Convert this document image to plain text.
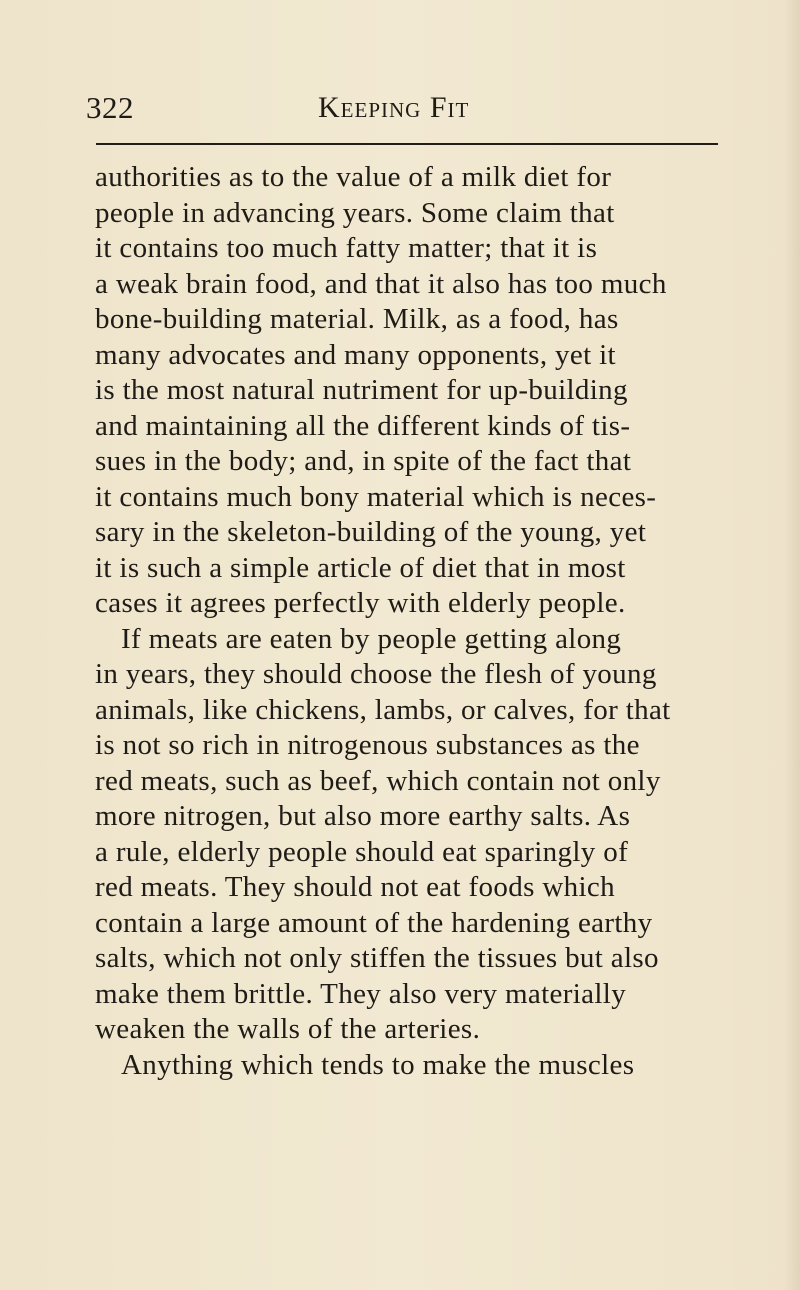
322	Keeping Fit
authorities as to the value of a milk diet for
people in advancing years. Some claim that
it contains too much fatty matter; that it is
a weak brain food, and that it also has too much
bone-building material. Milk, as a food, has
many advocates and many opponents, yet it
is the most natural nutriment for up-building
and maintaining all the different kinds of tis-
sues in the body; and, in spite of the fact that
it contains much bony material which is neces-
sary in the skeleton-building of the young, yet
it is such a simple article of diet that in most
cases it agrees perfectly with elderly people.
If meats are eaten by people getting along
in years, they should choose the flesh of young
animals, like chickens, lambs, or calves, for that
is not so rich in nitrogenous substances as the
red meats, such as beef, which contain not only
more nitrogen, but also more earthy salts. As
a rule, elderly people should eat sparingly of
red meats. They should not eat foods which
contain a large amount of the hardening earthy
salts, which not only stiffen the tissues but also
make them brittle. They also very materially
weaken the walls of the arteries.
Anything which tends to make the muscles
